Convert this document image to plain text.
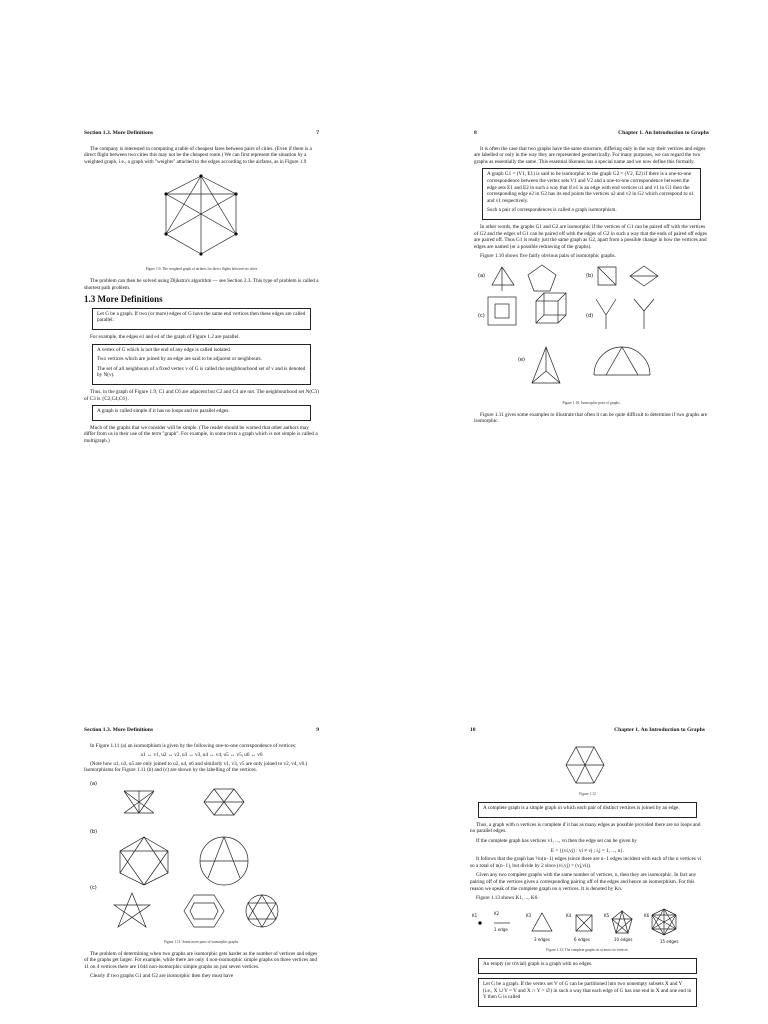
Section 1.3. More Definitions	7

The company is interested in computing a table of cheapest fares between pairs of cities. (Even if there is a direct flight between two cities this may not be the cheapest route.) We can first represent the situation by a weighted graph, i.e., a graph with "weights" attached to the edges according to the airfares, as in Figure 1.9

Figure 1.9: The weighted graph of airfares for direct flights between six cities

The problem can then be solved using Dijkstra's algorithm — see Section 2.3. This type of problem is called a shortest path problem.

1.3 More Definitions

Let G be a graph. If two (or more) edges of G have the same end vertices then these edges are called parallel.

For example, the edges e1 and e4 of the graph of Figure 1.2 are parallel.

A vertex of G which is not the end of any edge is called isolated.

Two vertices which are joined by an edge are said to be adjacent or neighbours.

The set of all neighbours of a fixed vertex v of G is called the neighbourhood set of v and is denoted by N(v).

Thus, in the graph of Figure 1.9, C1 and C6 are adjacent but C2 and C4 are not. The neighbourhood set N(C3) of C3 is {C2,C4,C6}.

A graph is called simple if it has no loops and no parallel edges.

Much of the graphs that we consider will be simple. (The reader should be warned that other authors may differ from us in their use of the term "graph". For example, in some texts a graph which is not simple is called a multigraph.)

8	Chapter 1. An Introduction to Graphs

It is often the case that two graphs have the same structure, differing only in the way their vertices and edges are labelled or only in the way they are represented geometrically. For many purposes, we can regard the two graphs as essentially the same. This essential likeness has a special name and we now define this formally.

A graph G1 = (V1, E1) is said to be isomorphic to the graph G2 = (V2, E2) if there is a one-to-one correspondence between the vertex sets V1 and V2 and a one-to-one correspondence between the edge sets E1 and E2 in such a way that if e1 is an edge with end vertices u1 and v1 in G1 then the corresponding edge e2 in G2 has its end points the vertices u2 and v2 in G2 which correspond to u1 and v1 respectively.

Such a pair of correspondences is called a graph isomorphism.

In other words, the graphs G1 and G2 are isomorphic if the vertices of G1 can be paired off with the vertices of G2 and the edges of G1 can be paired off with the edges of G2 in such a way that the ends of paired off edges are paired off. Thus G1 is really just the same graph as G2, apart from a possible change in how the vertices and edges are named (or a possible redrawing of the graphs).

Figure 1.10 shows five fairly obvious pairs of isomorphic graphs.

(a)	(b)
(c)	(d)
(e)
Figure 1.10: Isomorphic pairs of graphs.

Figure 1.11 gives some examples to illustrate that often it can be quite difficult to determine if two graphs are isomorphic.

Section 1.3. More Definitions	9

In Figure 1.11 (a) an isomorphism is given by the following one-to-one correspondence of vertices:

u1 ↔ v1, u2 ↔ v2, u3 ↔ v3, u4 ↔ v4, u5 ↔ v5, u6 ↔ v6

(Note how u1, u3, u5 are only joined to u2, u4, u6 and similarly v1, v3, v5 are only joined to v2, v4, v6.) Isomorphisms for Figure 1.11 (b) and (c) are shown by the labelling of the vertices.

(a)
(b)
(c)
Figure 1.11: Some more pairs of isomorphic graphs.

The problem of determining when two graphs are isomorphic gets harder as the number of vertices and edges of the graphs get larger. For example, while there are only 4 non-isomorphic simple graphs on three vertices and 11 on 4 vertices there are 1044 non-isomorphic simple graphs on just seven vertices.

Clearly if two graphs G1 and G2 are isomorphic then they must have

10	Chapter 1. An Introduction to Graphs
Figure 1.12

A complete graph is a simple graph in which each pair of distinct vertices is joined by an edge.

Thus, a graph with n vertices is complete if it has as many edges as possible provided there are no loops and no parallel edges.

If the complete graph has vertices v1, ..., vn then the edge set can be given by

E = {(vi,vj) : vi ≠ vj ; i,j = 1, ..., n}.

It follows that the graph has ½n(n−1) edges (since there are n−1 edges incident with each of the n vertices vi so a total of n(n−1), but divide by 2 since (vi,vj) = (vj,vi)).

Given any two complete graphs with the same number of vertices, n, then they are isomorphic. In fact any pairing off of the vertices gives a corresponding pairing off of the edges and hence an isomorphism. For this reason we speak of the complete graph on n vertices. It is denoted by Kn.

Figure 1.13 shows K1, ..., K6.

K1	K2	K3	K4	K5	K6
1 edge
3 edges	6 edges	10 edges	15 edges
Figure 1.13: The complete graphs on at most six vertices.

An empty (or trivial) graph is a graph with no edges.

Let G be a graph. If the vertex set V of G can be partitioned into two nonempty subsets X and Y (i.e., X ∪ Y = V and X ∩ Y = ∅) in such a way that each edge of G has one end in X and one end in Y then G is called
